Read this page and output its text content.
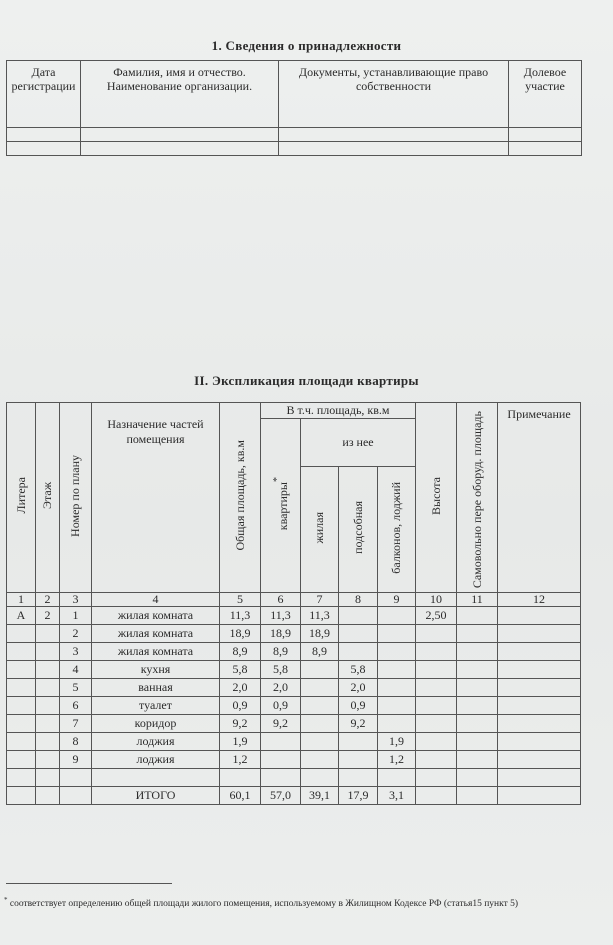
1. Сведения о принадлежности
Дата регистрации	Фамилия, имя и отчество. Наименование организации.	Документы, устанавливающие право собственности	Долевое участие

II. Экспликация площади квартиры
Литера	Этаж	Номер по плану	Назначение частей помещения	Общая площадь, кв.м	В т.ч. площадь, кв.м				Высота	Самовольно пере оборуд. площадь	Примечание
					квартиры*	из нее					
						жилая	подсобная	балконов, лоджий			
1	2	3	4	5	6	7	8	9	10	11	12
А	2	1	жилая комната	11,3	11,3	11,3			2,50		
		2	жилая комната	18,9	18,9	18,9					
		3	жилая комната	8,9	8,9	8,9					
		4	кухня	5,8	5,8		5,8				
		5	ванная	2,0	2,0		2,0				
		6	туалет	0,9	0,9		0,9				
		7	коридор	9,2	9,2		9,2				
		8	лоджия	1,9				1,9			
		9	лоджия	1,2				1,2			

			ИТОГО	60,1	57,0	39,1	17,9	3,1			
* соответствует определению общей площади жилого помещения, используемому в Жилищном Кодексе РФ (статья15 пункт 5)
